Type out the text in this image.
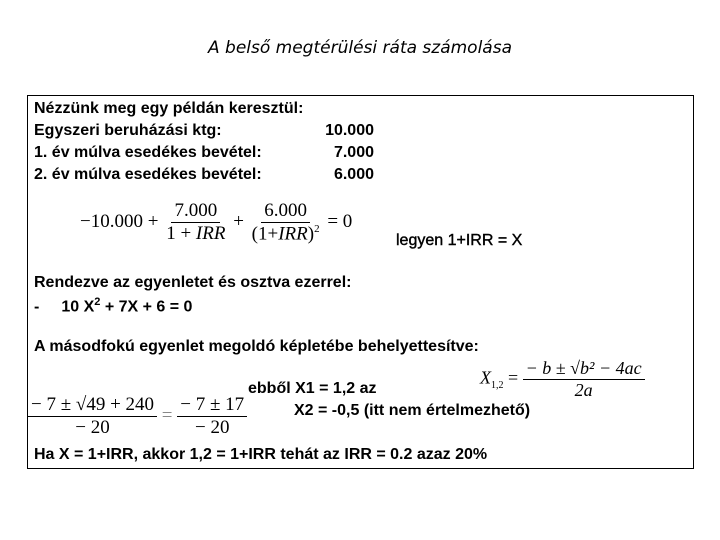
A belső megtérülési ráta számolása
Nézzünk meg egy példán keresztül:
Egyszeri beruházási ktg:	10.000
1. év múlva esedékes bevétel:	7.000
2. év múlva esedékes bevétel:	6.000
$-10.000 + \frac{7.000}{\text{1 + IRR}} + \frac{6.000}{(1+IRR)^2} = 0$
legyen 1+IRR = X
Rendezve az egyenletet és osztva ezerrel:
- 10 $X^2 + 7X + 6 = 0$
A másodfokú egyenlet megoldó képletébe behelyettesítve:
$X_{1,2} = \frac{\text{− b ± √b² − 4ac}}{2a}$
ebből X1 = 1,2 az
X2 = -0,5 (itt nem értelmezhető)
$\frac{- 7 \pm √49 + 240}{- 20} = \frac{- 7 \pm 17}{- 20}$
Ha X = 1+IRR, akkor 1,2 = 1+IRR tehát az IRR = 0.2 azaz 20%
